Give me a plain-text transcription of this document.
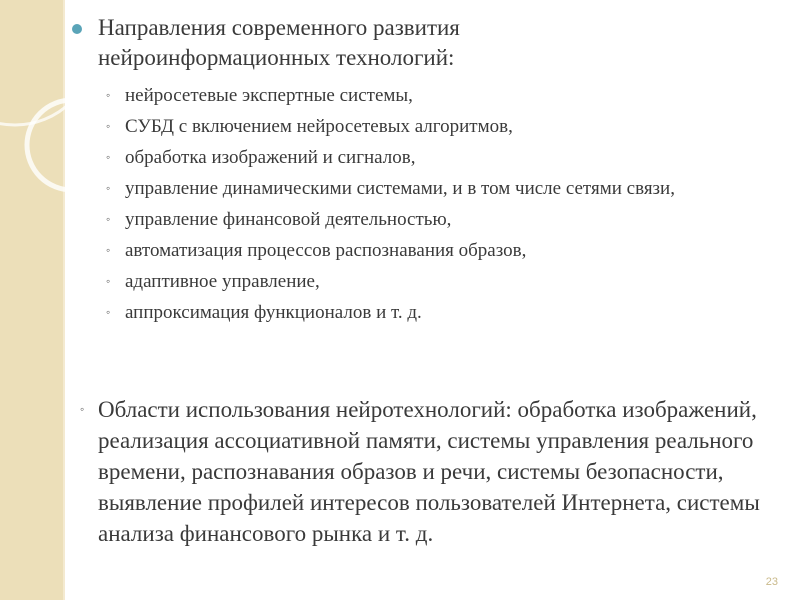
Направления современного развития
нейроинформационных технологий:

◦ нейросетевые экспертные системы,
◦ СУБД с включением нейросетевых алгоритмов,
◦ обработка изображений и сигналов,
◦ управление динамическими системами, и в том числе сетями связи,
◦ управление финансовой деятельностью,
◦ автоматизация процессов распознавания образов,
◦ адаптивное управление,
◦ аппроксимация функционалов и т. д.
◦ Области использования нейротехнологий: обработка изображений, реализация ассоциативной памяти, системы управления реального времени, распознавания образов и речи, системы безопасности, выявление профилей интересов пользователей Интернета, системы анализа финансового рынка и т. д.

23
